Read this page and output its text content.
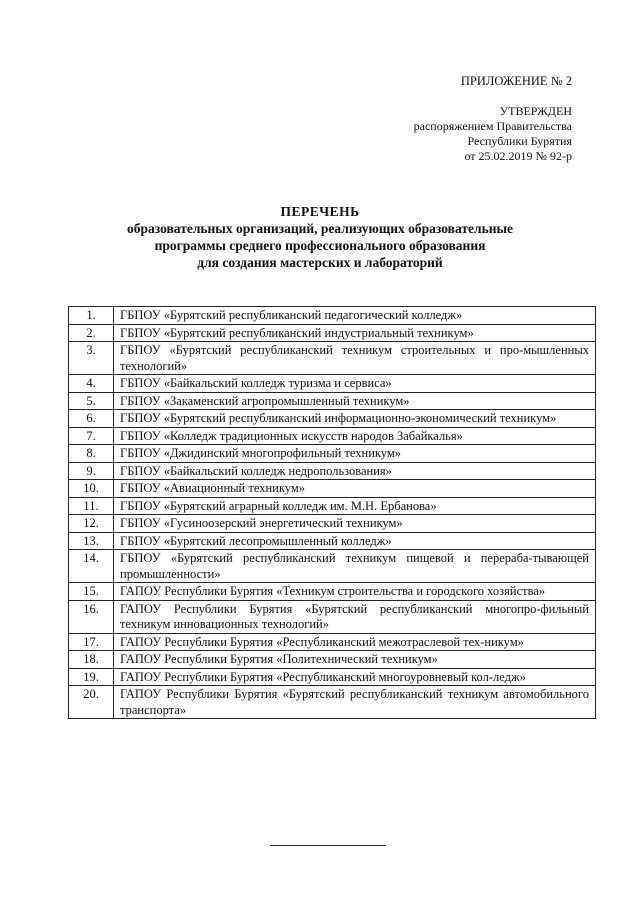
ПРИЛОЖЕНИЕ № 2
УТВЕРЖДЕН
распоряжением Правительства
Республики Бурятия
от 25.02.2019 № 92-р
ПЕРЕЧЕНЬ
образовательных организаций, реализующих образовательные
программы среднего профессионального образования
для создания мастерских и лабораторий
1.	ГБПОУ «Бурятский республиканский педагогический колледж»
2.	ГБПОУ «Бурятский республиканский индустриальный техникум»
3.	ГБПОУ «Бурятский республиканский техникум строительных и про-мышленных технологий»
4.	ГБПОУ «Байкальский колледж туризма и сервиса»
5.	ГБПОУ «Закаменский агропромышленный техникум»
6.	ГБПОУ «Бурятский республиканский информационно-экономический техникум»
7.	ГБПОУ «Колледж традиционных искусств народов Забайкалья»
8.	ГБПОУ «Джидинский многопрофильный техникум»
9.	ГБПОУ «Байкальский колледж недропользования»
10.	ГБПОУ «Авиационный техникум»
11.	ГБПОУ «Бурятский аграрный колледж им. М.Н. Ербанова»
12.	ГБПОУ «Гусиноозерский энергетический техникум»
13.	ГБПОУ «Бурятский лесопромышленный колледж»
14.	ГБПОУ «Бурятский республиканский техникум пищевой и перераба-тывающей промышленности»
15.	ГАПОУ Республики Бурятия «Техникум строительства и городского хозяйства»
16.	ГАПОУ Республики Бурятия «Бурятский республиканский многопро-фильный техникум инновационных технологий»
17.	ГАПОУ Республики Бурятия «Республиканский межотраслевой тех-никум»
18.	ГАПОУ Республики Бурятия «Политехнический техникум»
19.	ГАПОУ Республики Бурятия «Республиканский многоуровневый кол-ледж»
20.	ГАПОУ Республики Бурятия «Бурятский республиканский техникум автомобильного транспорта»
